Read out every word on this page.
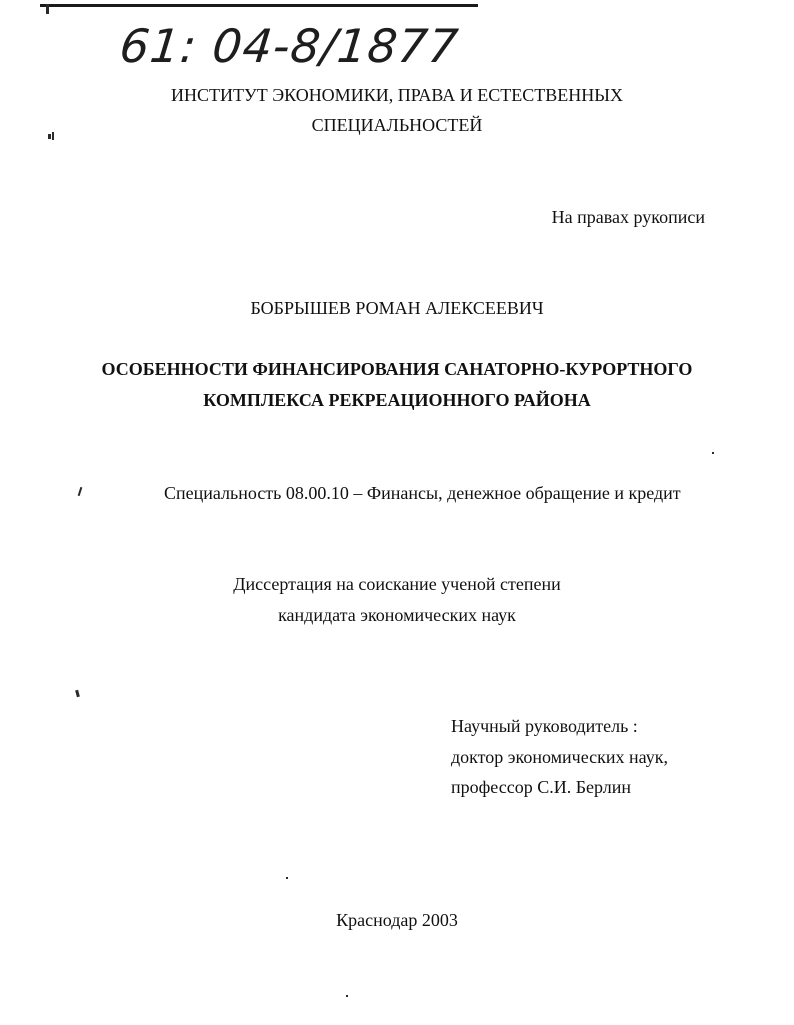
61: 04-8/1877
ИНСТИТУТ ЭКОНОМИКИ, ПРАВА И ЕСТЕСТВЕННЫХ
СПЕЦИАЛЬНОСТЕЙ
На правах рукописи
БОБРЫШЕВ РОМАН АЛЕКСЕЕВИЧ
ОСОБЕННОСТИ ФИНАНСИРОВАНИЯ САНАТОРНО-КУРОРТНОГО
КОМПЛЕКСА РЕКРЕАЦИОННОГО РАЙОНА
Специальность 08.00.10 – Финансы, денежное обращение и кредит
Диссертация на соискание ученой степени
кандидата экономических наук
Научный руководитель :
доктор экономических наук,
профессор С.И. Берлин
Краснодар 2003
